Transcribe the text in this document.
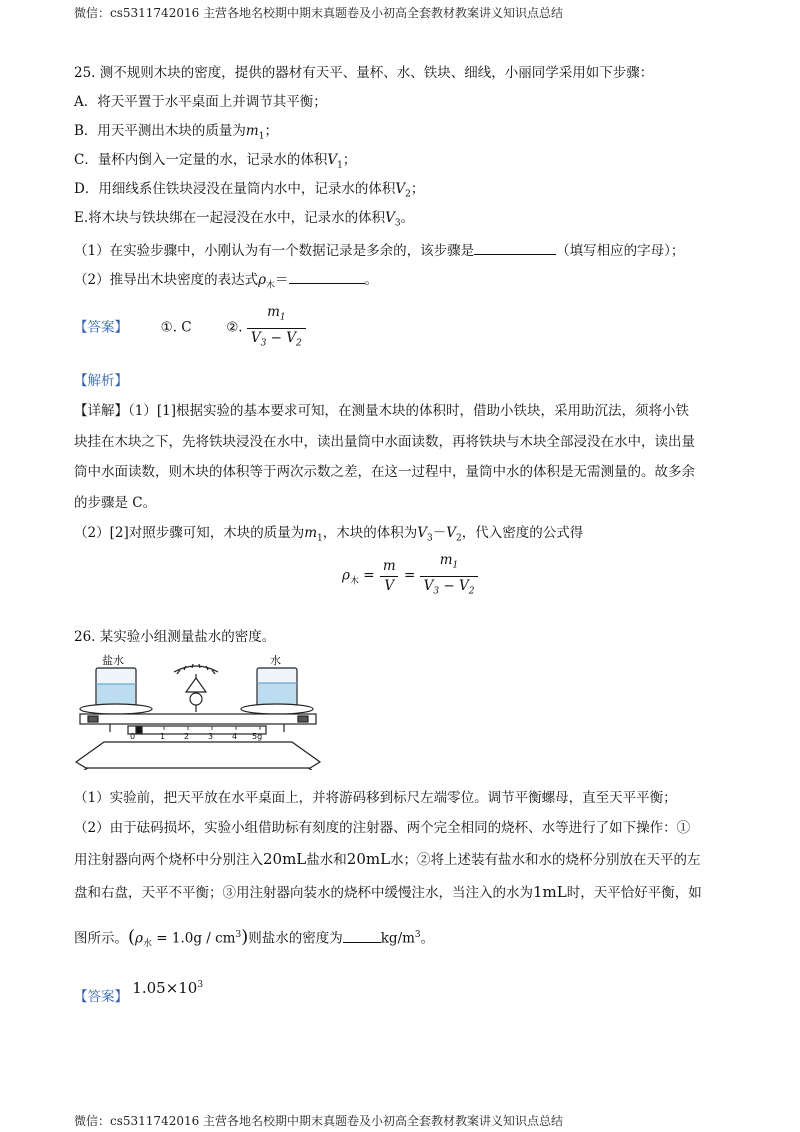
微信：cs5311742016 主营各地名校期中期末真题卷及小初高全套教材教案讲义知识点总结
25. 测不规则木块的密度，提供的器材有天平、量杯、水、铁块、细线，小丽同学采用如下步骤：
A．将天平置于水平桌面上并调节其平衡；
B．用天平测出木块的质量为$m_1$；
C．量杯内倒入一定量的水，记录水的体积$V_1$；
D．用细线系住铁块浸没在量筒内水中，记录水的体积$V_2$；
E.将木块与铁块绑在一起浸没在水中，记录水的体积$V_3$。
（1）在实验步骤中，小刚认为有一个数据记录是多余的，该步骤是	（填写相应的字母）；
（2）推导出木块密度的表达式$\rho_木=$	。
【答案】 ①. C	②. $\frac{m_1}{V_3 - V_2}$
【解析】
【详解】（1）[1]根据实验的基本要求可知，在测量木块的体积时，借助小铁块，采用助沉法，须将小铁
块挂在木块之下，先将铁块浸没在水中，读出量筒中水面读数，再将铁块与木块全部浸没在水中，读出量
筒中水面读数，则木块的体积等于两次示数之差，在这一过程中，量筒中水的体积是无需测量的。故多余
的步骤是 C。
（2）[2]对照步骤可知，木块的质量为$m_1$，木块的体积为$V_3-V_2$，代入密度的公式得
$\rho_木 = \frac{m}{V} = \frac{m_1}{V_3 - V_2}$
26. 某实验小组测量盐水的密度。
盐水	水
0	1 2 3 4 5g
（1）实验前，把天平放在水平桌面上，并将游码移到标尺左端零位。调节平衡螺母，直至天平平衡；
（2）由于砝码损坏，实验小组借助标有刻度的注射器、两个完全相同的烧杯、水等进行了如下操作：①
用注射器向两个烧杯中分别注入20mL盐水和20mL水；②将上述装有盐水和水的烧杯分别放在天平的左
盘和右盘，天平不平衡；③用注射器向装水的烧杯中缓慢注水，当注入的水为1mL时，天平恰好平衡，如
图所示。$(\rho_水 = 1.0g / cm^3)$则盐水的密度为	$kg/m^3$。
【答案】 $1.05\times 10^3$
微信：cs5311742016 主营各地名校期中期末真题卷及小初高全套教材教案讲义知识点总结
